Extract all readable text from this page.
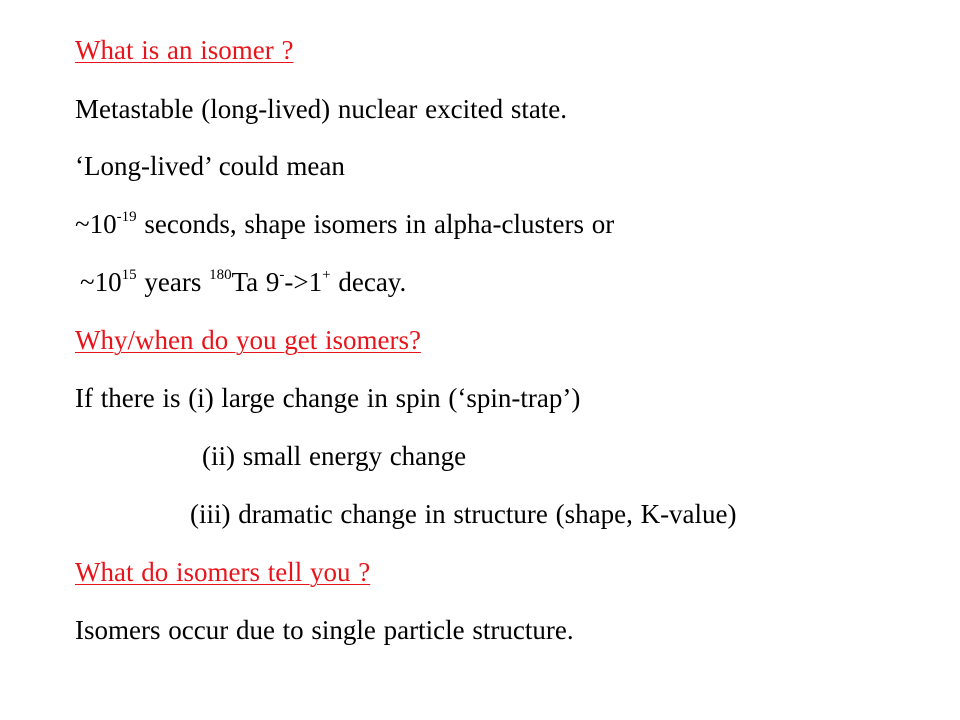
What is an isomer ?
Metastable (long-lived) nuclear excited state.
‘Long-lived’ could mean
$\sim 10^{-19}$ seconds, shape isomers in alpha-clusters or
$\sim 10^{15}$ years $^{180}$Ta 9-->1+ decay.
Why/when do you get isomers?
If there is (i) large change in spin (‘spin-trap’)
(ii) small energy change
(iii) dramatic change in structure (shape, K-value)
What do isomers tell you ?
Isomers occur due to single particle structure.
